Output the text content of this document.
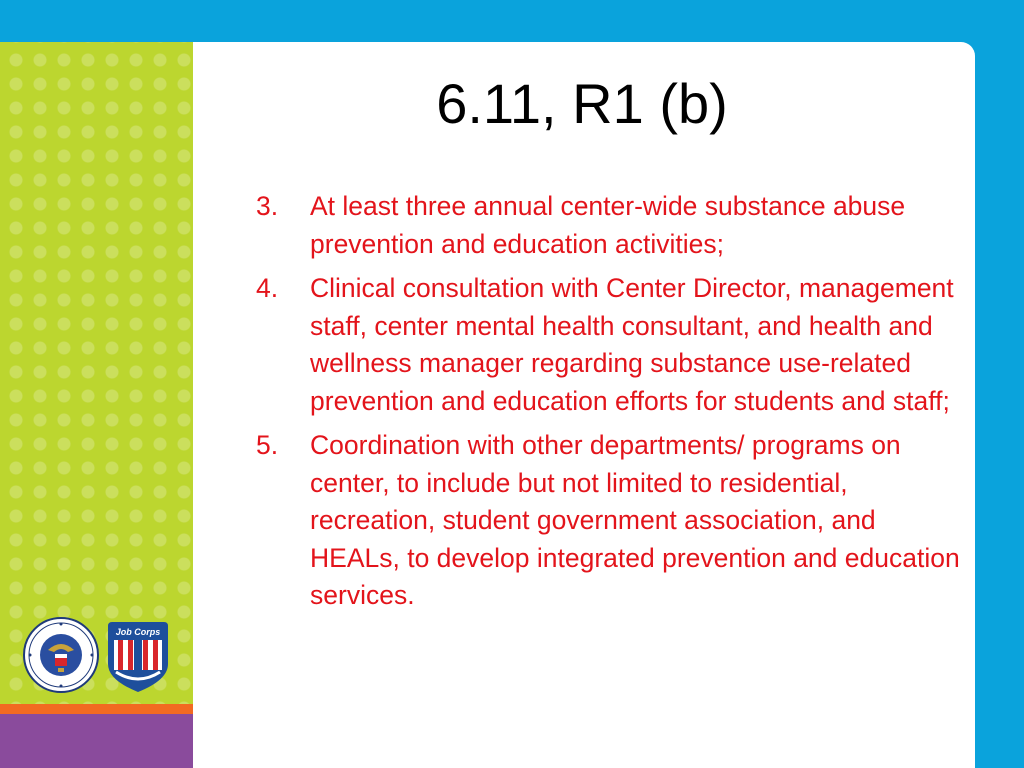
6.11, R1 (b)
3. At least three annual center-wide substance abuse prevention and education activities;
4. Clinical consultation with Center Director, management staff, center mental health consultant, and health and wellness manager regarding substance use-related prevention and education efforts for students and staff;
5. Coordination with other departments/ programs on center, to include but not limited to residential, recreation, student government association, and HEALs, to develop integrated prevention and education services.
Job Corps
